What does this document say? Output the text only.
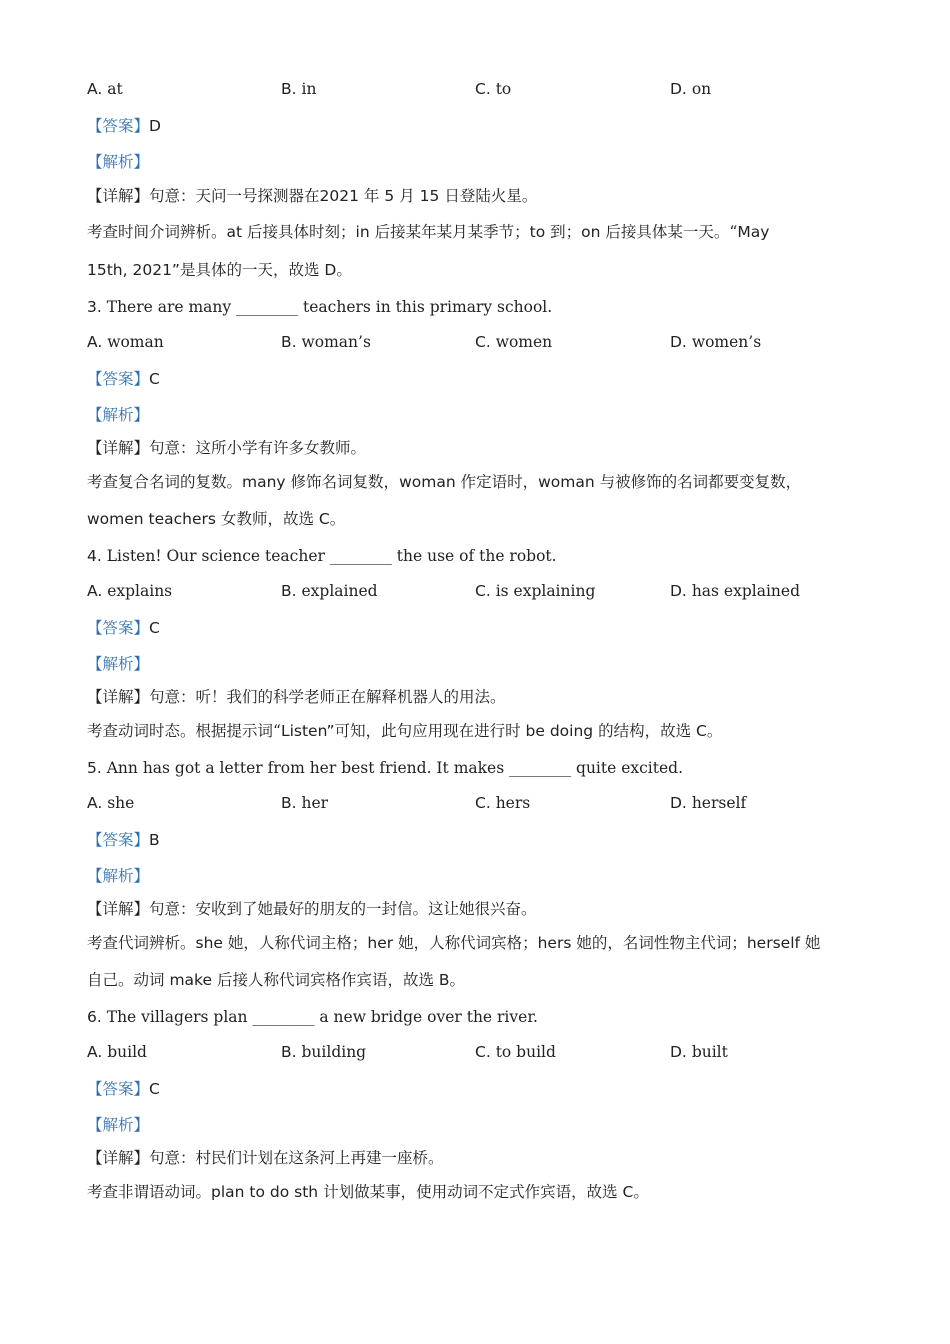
A. at	B. in	C. to	D. on
【答案】D
【解析】
【详解】句意：天问一号探测器在2021 年 5 月 15 日登陆火星。
考查时间介词辨析。at 后接具体时刻；in 后接某年某月某季节；to 到；on 后接具体某一天。“May
15th, 2021”是具体的一天，故选 D。
3. There are many ________ teachers in this primary school.
A. woman	B. woman’s	C. women	D. women’s
【答案】C
【解析】
【详解】句意：这所小学有许多女教师。
考查复合名词的复数。many 修饰名词复数，woman 作定语时，woman 与被修饰的名词都要变复数，
women teachers 女教师，故选 C。
4. Listen! Our science teacher ________ the use of the robot.
A. explains	B. explained	C. is explaining	D. has explained
【答案】C
【解析】
【详解】句意：听！我们的科学老师正在解释机器人的用法。
考查动词时态。根据提示词“Listen”可知，此句应用现在进行时 be doing 的结构，故选 C。
5. Ann has got a letter from her best friend. It makes ________ quite excited.
A. she	B. her	C. hers	D. herself
【答案】B
【解析】
【详解】句意：安收到了她最好的朋友的一封信。这让她很兴奋。
考查代词辨析。she 她，人称代词主格；her 她，人称代词宾格；hers 她的，名词性物主代词；herself 她
自己。动词 make 后接人称代词宾格作宾语，故选 B。
6. The villagers plan ________ a new bridge over the river.
A. build	B. building	C. to build	D. built
【答案】C
【解析】
【详解】句意：村民们计划在这条河上再建一座桥。
考查非谓语动词。plan to do sth 计划做某事，使用动词不定式作宾语，故选 C。
